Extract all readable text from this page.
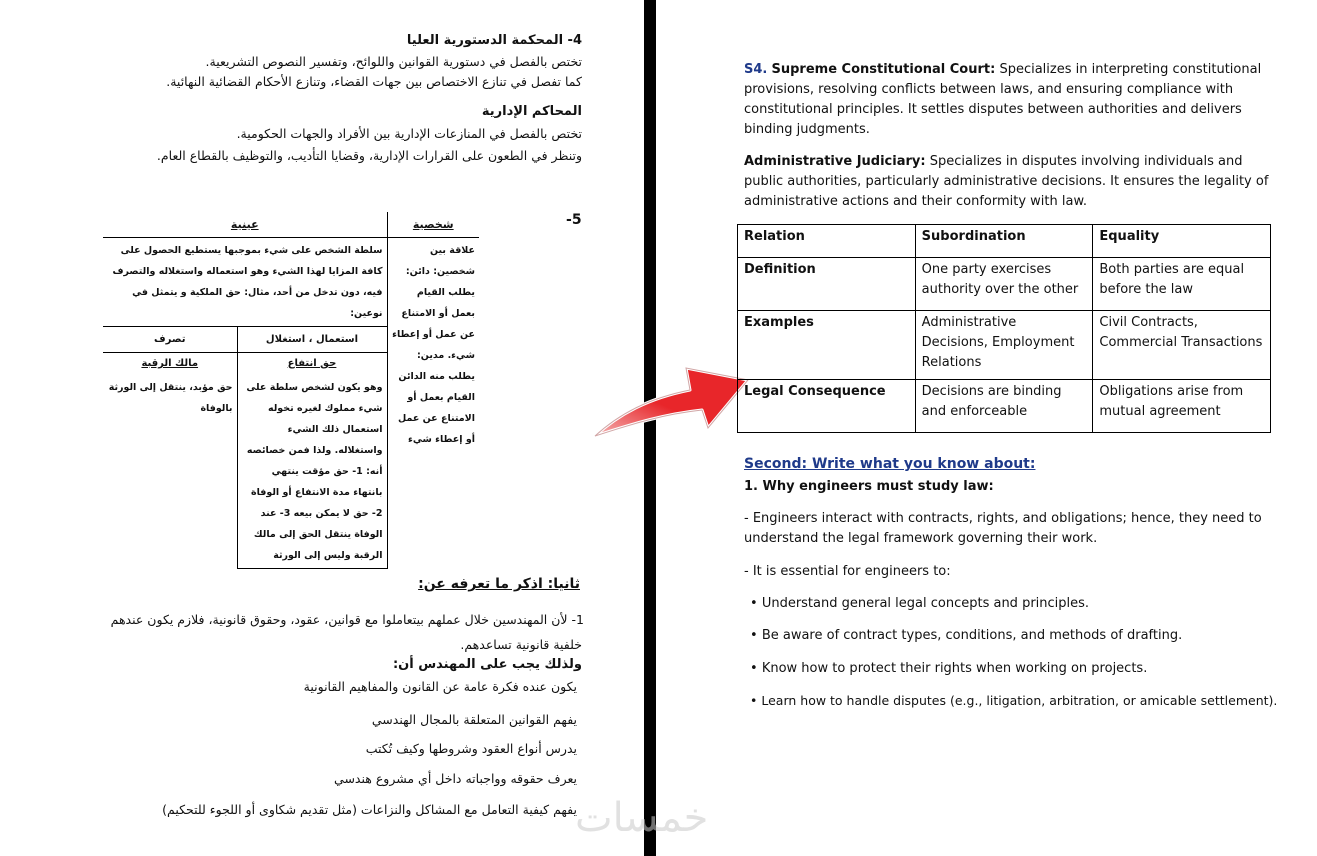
4- المحكمة الدستورية العليا
تختص بالفصل في دستورية القوانين واللوائح، وتفسير النصوص التشريعية.
كما تفصل في تنازع الاختصاص بين جهات القضاء، وتنازع الأحكام القضائية النهائية.
المحاكم الإدارية
تختص بالفصل في المنازعات الإدارية بين الأفراد والجهات الحكومية.
وتنظر في الطعون على القرارات الإدارية، وقضايا التأديب، والتوظيف بالقطاع العام.
5-
شخصية	عينية	
علاقة بين شخصين: دائن: يطلب القيام بعمل أو الامتناع عن عمل أو إعطاء شيء. مدين: يطلب منه الدائن القيام بعمل أو الامتناع عن عمل أو إعطاء شيء	سلطة الشخص على شيء بموجبها يستطيع الحصول على كافة المزايا لهذا الشيء وهو استعماله واستغلاله والتصرف فيه، دون تدخل من أحد، مثال: حق الملكية و يتمثل في نوعين:	
	استعمال ، استغلال	تصرف
	حق انتفاع	مالك الرقبة
	وهو يكون لشخص سلطة على شيء مملوك لغيره تخوله استعمال ذلك الشيء واستغلاله. ولذا فمن خصائصه أنه: 1- حق مؤقت ينتهي بانتهاء مدة الانتفاع أو الوفاة 2- حق لا يمكن بيعه 3- عند الوفاة ينتقل الحق إلى مالك الرقبة وليس إلى الورثة	حق مؤبد، ينتقل إلى الورثة بالوفاة
ثانيا: اذكر ما تعرفه عن:
1- لأن المهندسين خلال عملهم بيتعاملوا مع قوانين، عقود، وحقوق قانونية، فلازم يكون عندهم
خلفية قانونية تساعدهم.
ولذلك يجب على المهندس أن:
يكون عنده فكرة عامة عن القانون والمفاهيم القانونية
يفهم القوانين المتعلقة بالمجال الهندسي
يدرس أنواع العقود وشروطها وكيف تُكتب
يعرف حقوقه وواجباته داخل أي مشروع هندسي
يفهم كيفية التعامل مع المشاكل والنزاعات (مثل تقديم شكاوى أو اللجوء للتحكيم)
S4. Supreme Constitutional Court: Specializes in interpreting constitutional provisions, resolving conflicts between laws, and ensuring compliance with constitutional principles. It settles disputes between authorities and delivers binding judgments.
Administrative Judiciary: Specializes in disputes involving individuals and public authorities, particularly administrative decisions. It ensures the legality of administrative actions and their conformity with law.
Relation	Subordination	Equality
Definition	One party exercises authority over the other	Both parties are equal before the law
Examples	Administrative Decisions, Employment Relations	Civil Contracts, Commercial Transactions
Legal Consequence	Decisions are binding and enforceable	Obligations arise from mutual agreement
Second: Write what you know about:
1. Why engineers must study law:
- Engineers interact with contracts, rights, and obligations; hence, they need to understand the legal framework governing their work.
- It is essential for engineers to:
• Understand general legal concepts and principles.
• Be aware of contract types, conditions, and methods of drafting.
• Know how to protect their rights when working on projects.
• Learn how to handle disputes (e.g., litigation, arbitration, or amicable settlement).
خمسات
